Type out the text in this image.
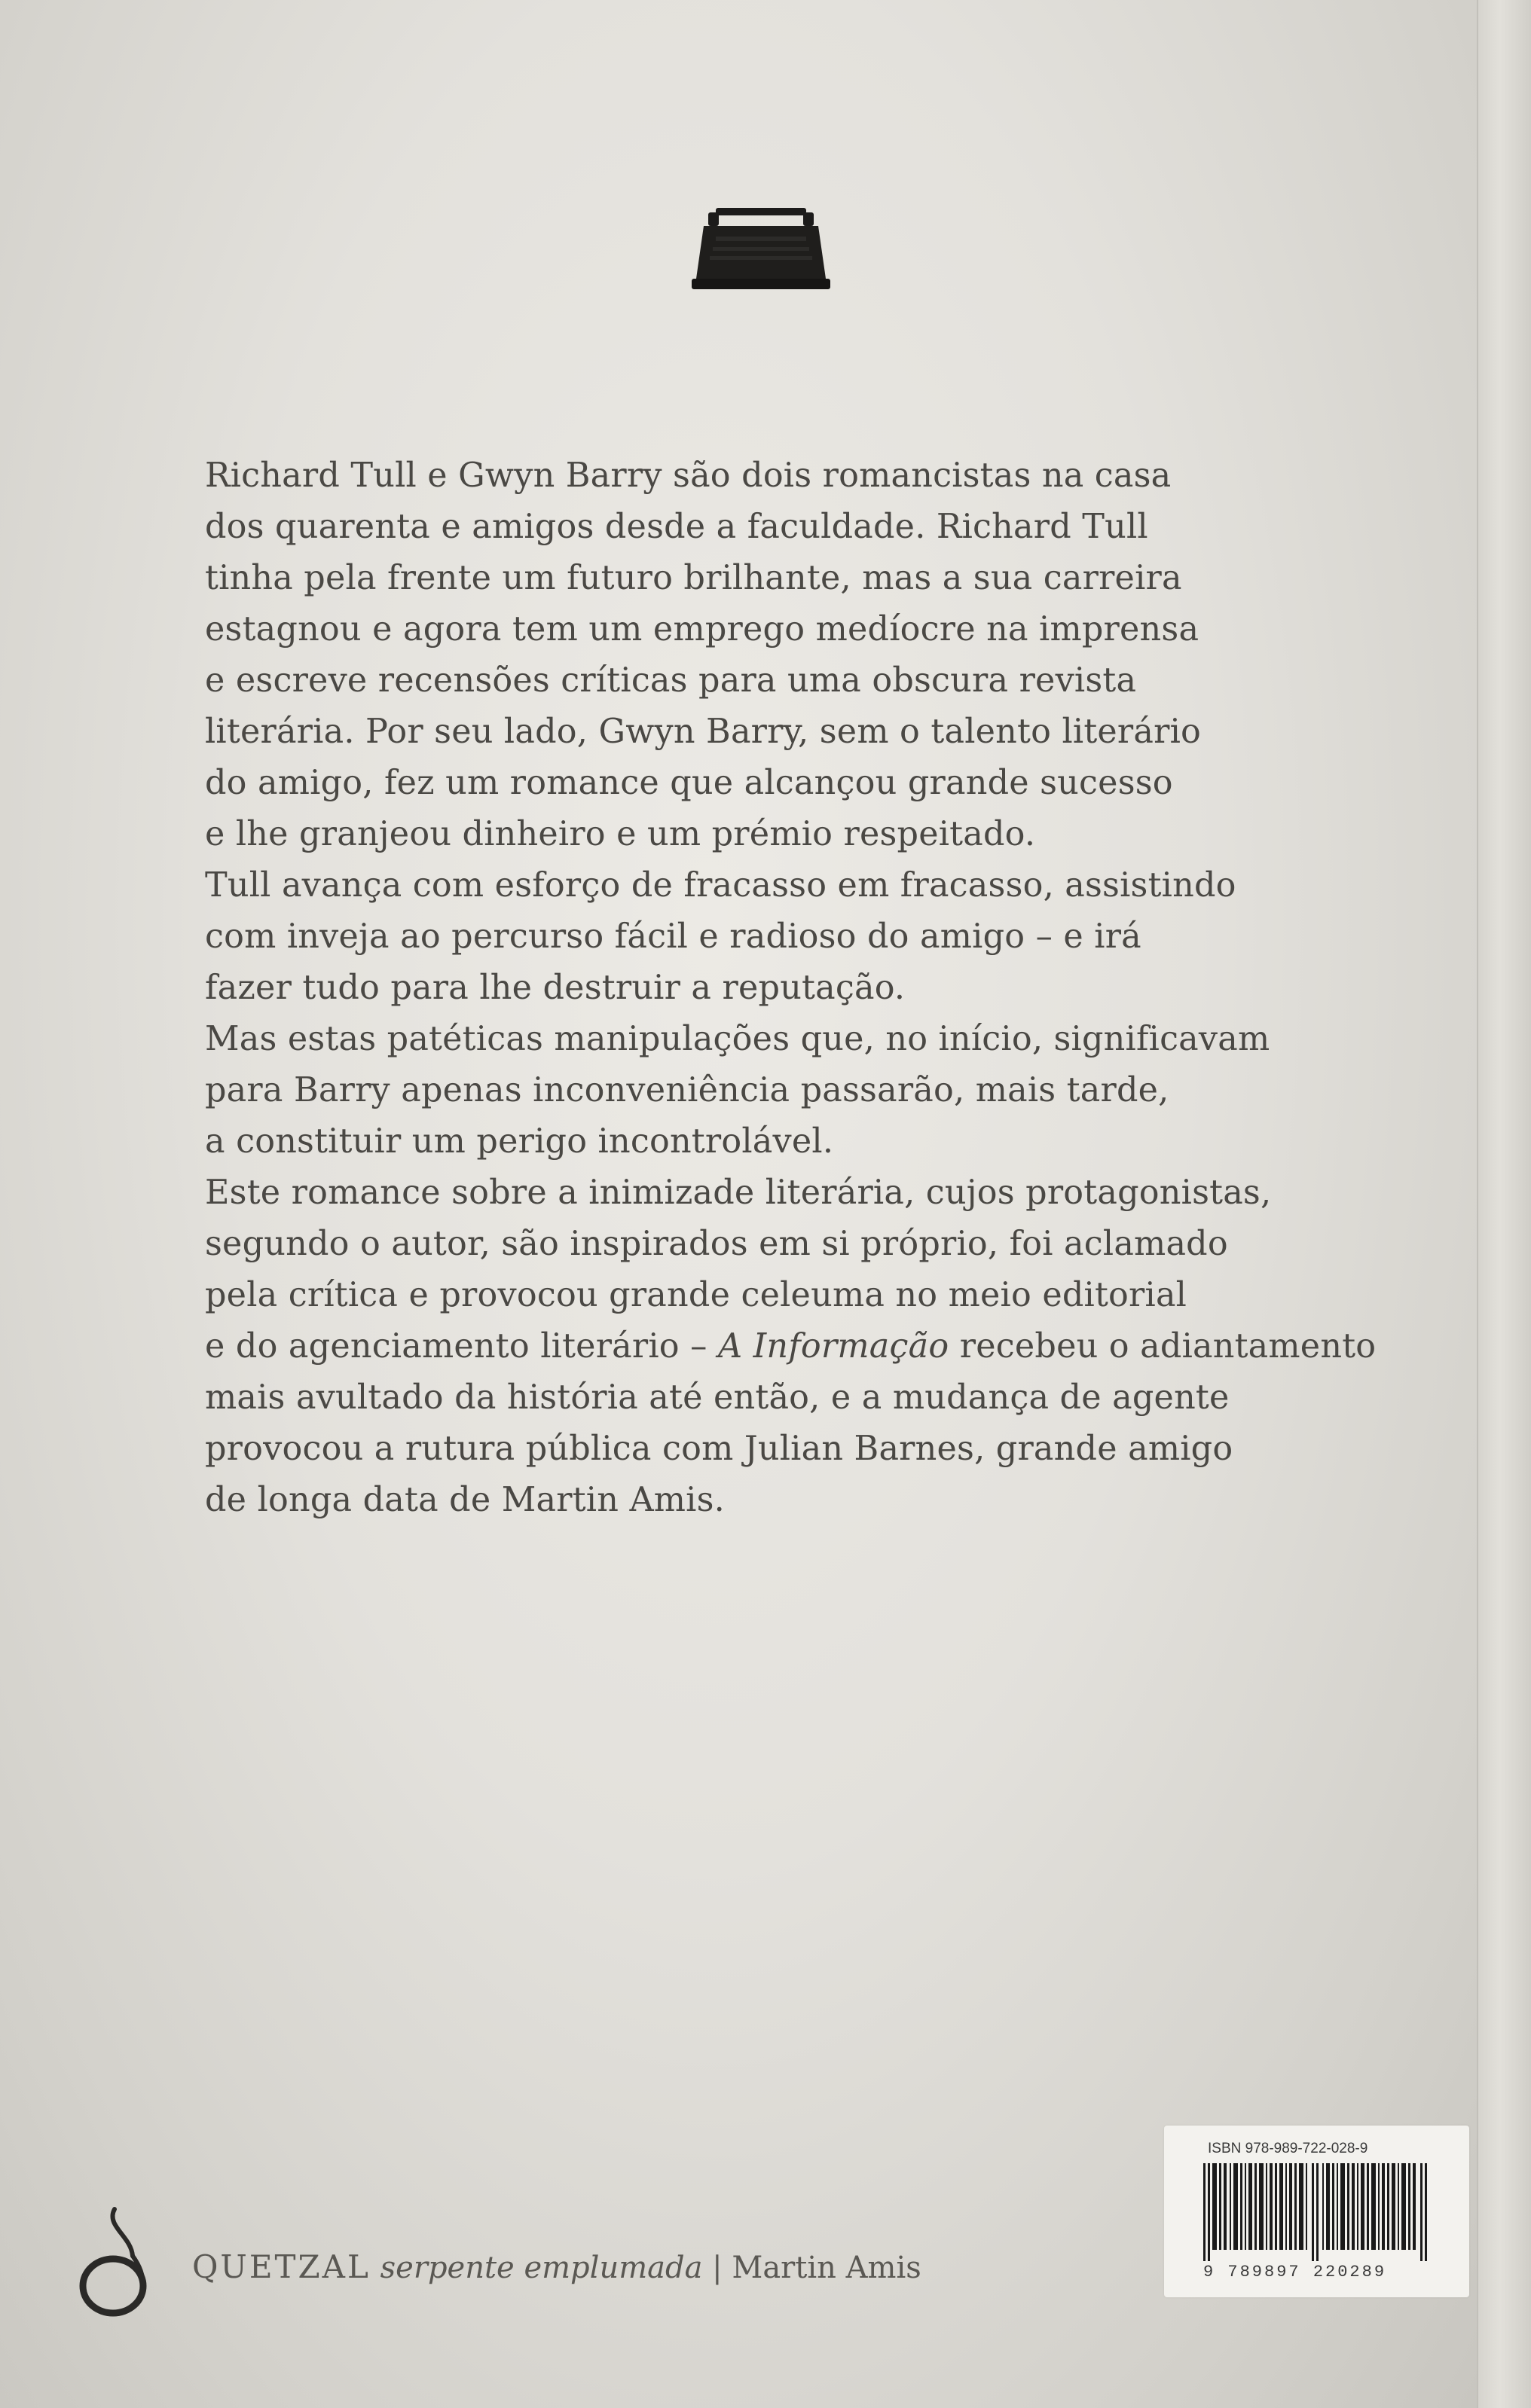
Richard Tull e Gwyn Barry são dois romancistas na casa
dos quarenta e amigos desde a faculdade. Richard Tull
tinha pela frente um futuro brilhante, mas a sua carreira
estagnou e agora tem um emprego medíocre na imprensa
e escreve recensões críticas para uma obscura revista
literária. Por seu lado, Gwyn Barry, sem o talento literário
do amigo, fez um romance que alcançou grande sucesso
e lhe granjeou dinheiro e um prémio respeitado.

Tull avança com esforço de fracasso em fracasso, assistindo
com inveja ao percurso fácil e radioso do amigo – e irá
fazer tudo para lhe destruir a reputação.

Mas estas patéticas manipulações que, no início, significavam
para Barry apenas inconveniência passarão, mais tarde,
a constituir um perigo incontrolável.

Este romance sobre a inimizade literária, cujos protagonistas,
segundo o autor, são inspirados em si próprio, foi aclamado
pela crítica e provocou grande celeuma no meio editorial
e do agenciamento literário – A Informação recebeu o adiantamento
mais avultado da história até então, e a mudança de agente
provocou a rutura pública com Julian Barnes, grande amigo
de longa data de Martin Amis.

QUETZAL serpente emplumada | Martin Amis
ISBN 978-989-722-028-9
9 789897 220289
